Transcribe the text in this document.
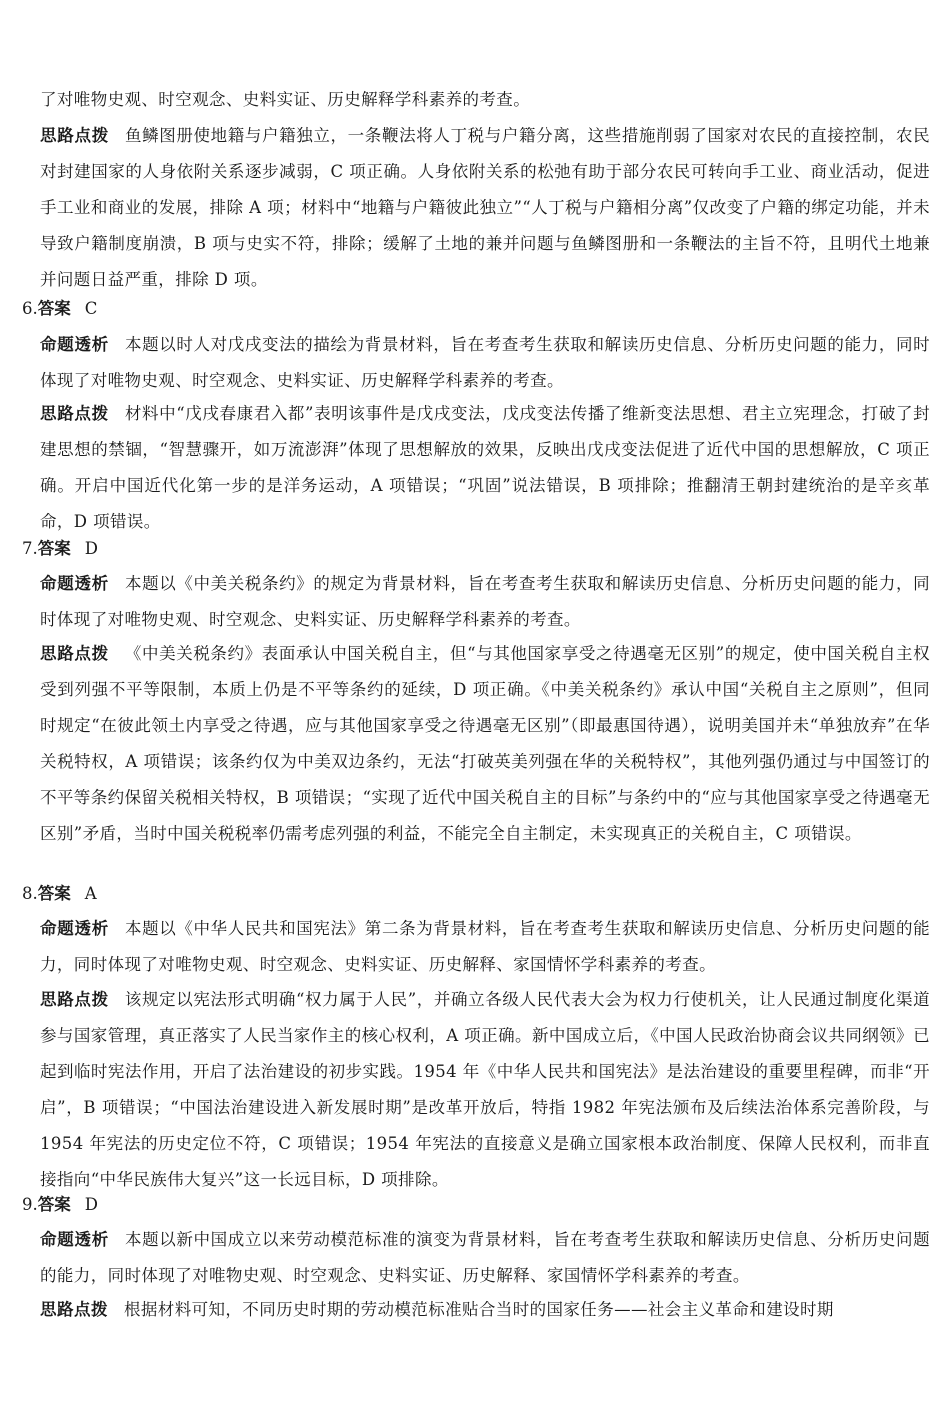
了对唯物史观、时空观念、史料实证、历史解释学科素养的考查。

思路点拨 鱼鳞图册使地籍与户籍独立，一条鞭法将人丁税与户籍分离，这些措施削弱了国家对农民的直接控制，农民对封建国家的人身依附关系逐步减弱，C 项正确。人身依附关系的松弛有助于部分农民可转向手工业、商业活动，促进手工业和商业的发展，排除 A 项；材料中“地籍与户籍彼此独立”“人丁税与户籍相分离”仅改变了户籍的绑定功能，并未导致户籍制度崩溃，B 项与史实不符，排除；缓解了土地的兼并问题与鱼鳞图册和一条鞭法的主旨不符，且明代土地兼并问题日益严重，排除 D 项。

6.答案 C

命题透析 本题以时人对戊戌变法的描绘为背景材料，旨在考查考生获取和解读历史信息、分析历史问题的能力，同时体现了对唯物史观、时空观念、史料实证、历史解释学科素养的考查。

思路点拨 材料中“戊戌春康君入都”表明该事件是戊戌变法，戊戌变法传播了维新变法思想、君主立宪理念，打破了封建思想的禁锢，“智慧骤开，如万流澎湃”体现了思想解放的效果，反映出戊戌变法促进了近代中国的思想解放，C 项正确。开启中国近代化第一步的是洋务运动，A 项错误；“巩固”说法错误，B 项排除；推翻清王朝封建统治的是辛亥革命，D 项错误。

7.答案 D

命题透析 本题以《中美关税条约》的规定为背景材料，旨在考查考生获取和解读历史信息、分析历史问题的能力，同时体现了对唯物史观、时空观念、史料实证、历史解释学科素养的考查。

思路点拨 《中美关税条约》表面承认中国关税自主，但“与其他国家享受之待遇毫无区别”的规定，使中国关税自主权受到列强不平等限制，本质上仍是不平等条约的延续，D 项正确。《中美关税条约》承认中国“关税自主之原则”，但同时规定“在彼此领土内享受之待遇，应与其他国家享受之待遇毫无区别”（即最惠国待遇），说明美国并未“单独放弃”在华关税特权，A 项错误；该条约仅为中美双边条约，无法“打破英美列强在华的关税特权”，其他列强仍通过与中国签订的不平等条约保留关税相关特权，B 项错误；“实现了近代中国关税自主的目标”与条约中的“应与其他国家享受之待遇毫无区别”矛盾，当时中国关税税率仍需考虑列强的利益，不能完全自主制定，未实现真正的关税自主，C 项错误。

8.答案 A

命题透析 本题以《中华人民共和国宪法》第二条为背景材料，旨在考查考生获取和解读历史信息、分析历史问题的能力，同时体现了对唯物史观、时空观念、史料实证、历史解释、家国情怀学科素养的考查。

思路点拨 该规定以宪法形式明确“权力属于人民”，并确立各级人民代表大会为权力行使机关，让人民通过制度化渠道参与国家管理，真正落实了人民当家作主的核心权利，A 项正确。新中国成立后，《中国人民政治协商会议共同纲领》已起到临时宪法作用，开启了法治建设的初步实践。1954 年《中华人民共和国宪法》是法治建设的重要里程碑，而非“开启”，B 项错误；“中国法治建设进入新发展时期”是改革开放后，特指 1982 年宪法颁布及后续法治体系完善阶段，与 1954 年宪法的历史定位不符，C 项错误；1954 年宪法的直接意义是确立国家根本政治制度、保障人民权利，而非直接指向“中华民族伟大复兴”这一长远目标，D 项排除。

9.答案 D

命题透析 本题以新中国成立以来劳动模范标准的演变为背景材料，旨在考查考生获取和解读历史信息、分析历史问题的能力，同时体现了对唯物史观、时空观念、史料实证、历史解释、家国情怀学科素养的考查。

思路点拨 根据材料可知，不同历史时期的劳动模范标准贴合当时的国家任务——社会主义革命和建设时期
